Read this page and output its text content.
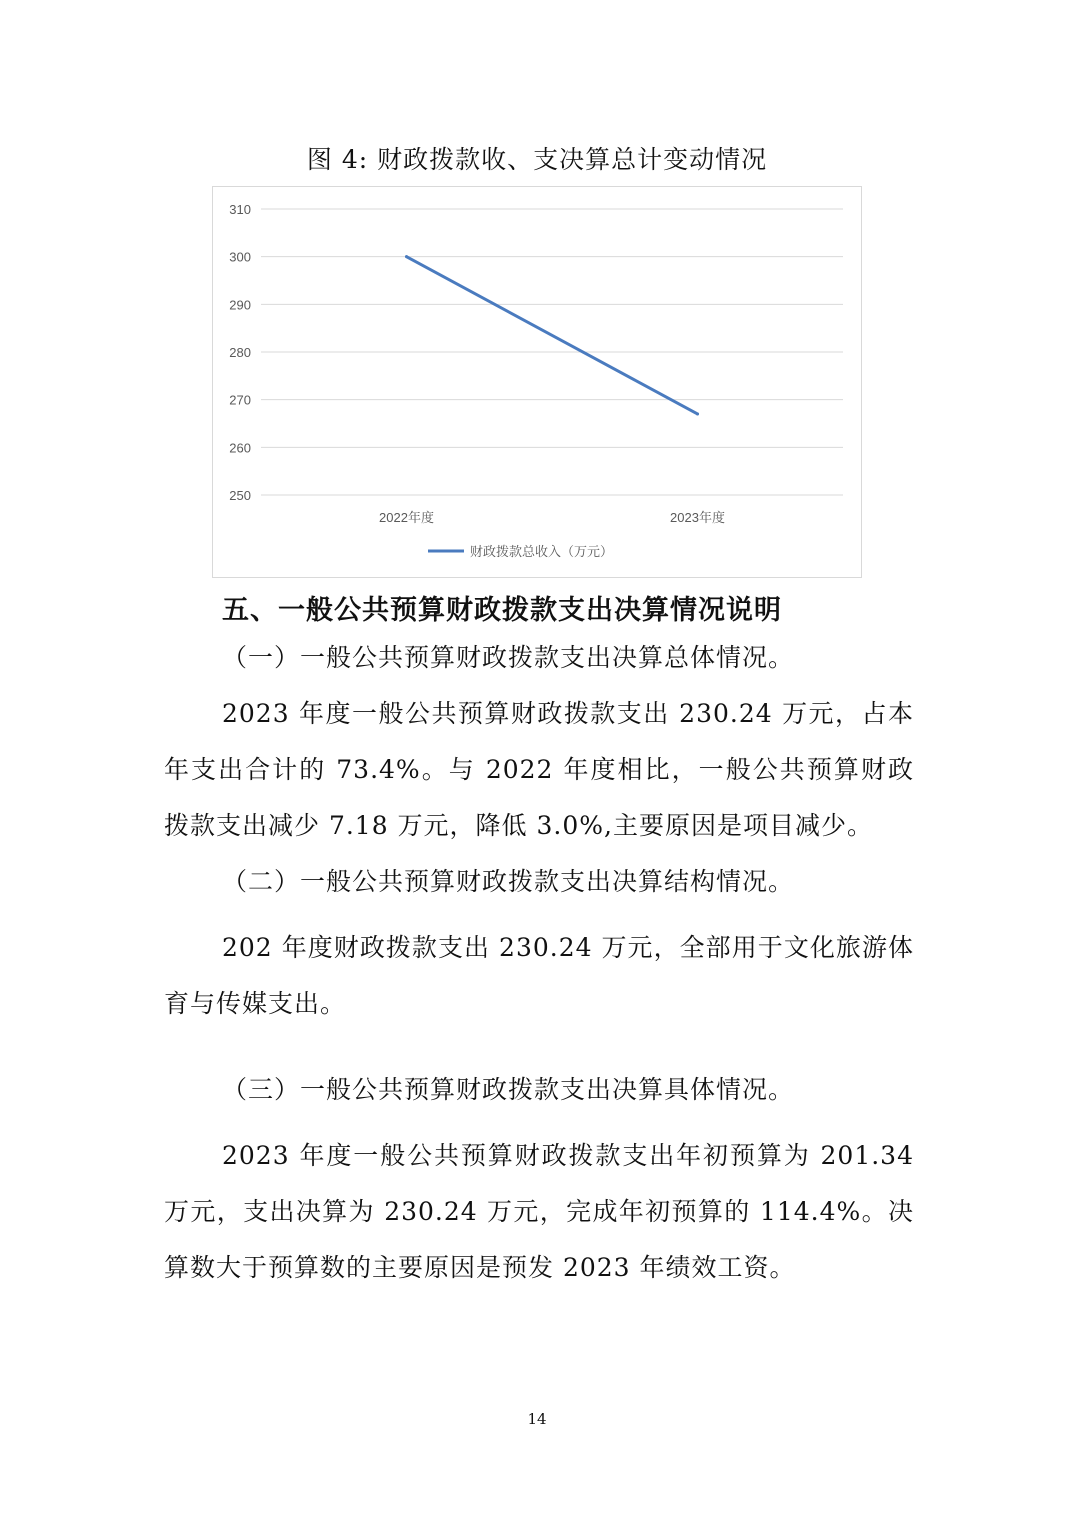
图 4: 财政拨款收、支决算总计变动情况
250
260
270
280
290
300
310
2022年度	2023年度
财政拨款总收入（万元）
五、一般公共预算财政拨款支出决算情况说明
（一）一般公共预算财政拨款支出决算总体情况。

2023 年度一般公共预算财政拨款支出 230.24 万元，占本年支出合计的 73.4%。与 2022 年度相比，一般公共预算财政拨款支出减少 7.18 万元，降低 3.0%,主要原因是项目减少。

（二）一般公共预算财政拨款支出决算结构情况。

202 年度财政拨款支出 230.24 万元，全部用于文化旅游体育与传媒支出。

（三）一般公共预算财政拨款支出决算具体情况。

2023 年度一般公共预算财政拨款支出年初预算为 201.34 万元，支出决算为 230.24 万元，完成年初预算的 114.4%。决算数大于预算数的主要原因是预发 2023 年绩效工资。

14
